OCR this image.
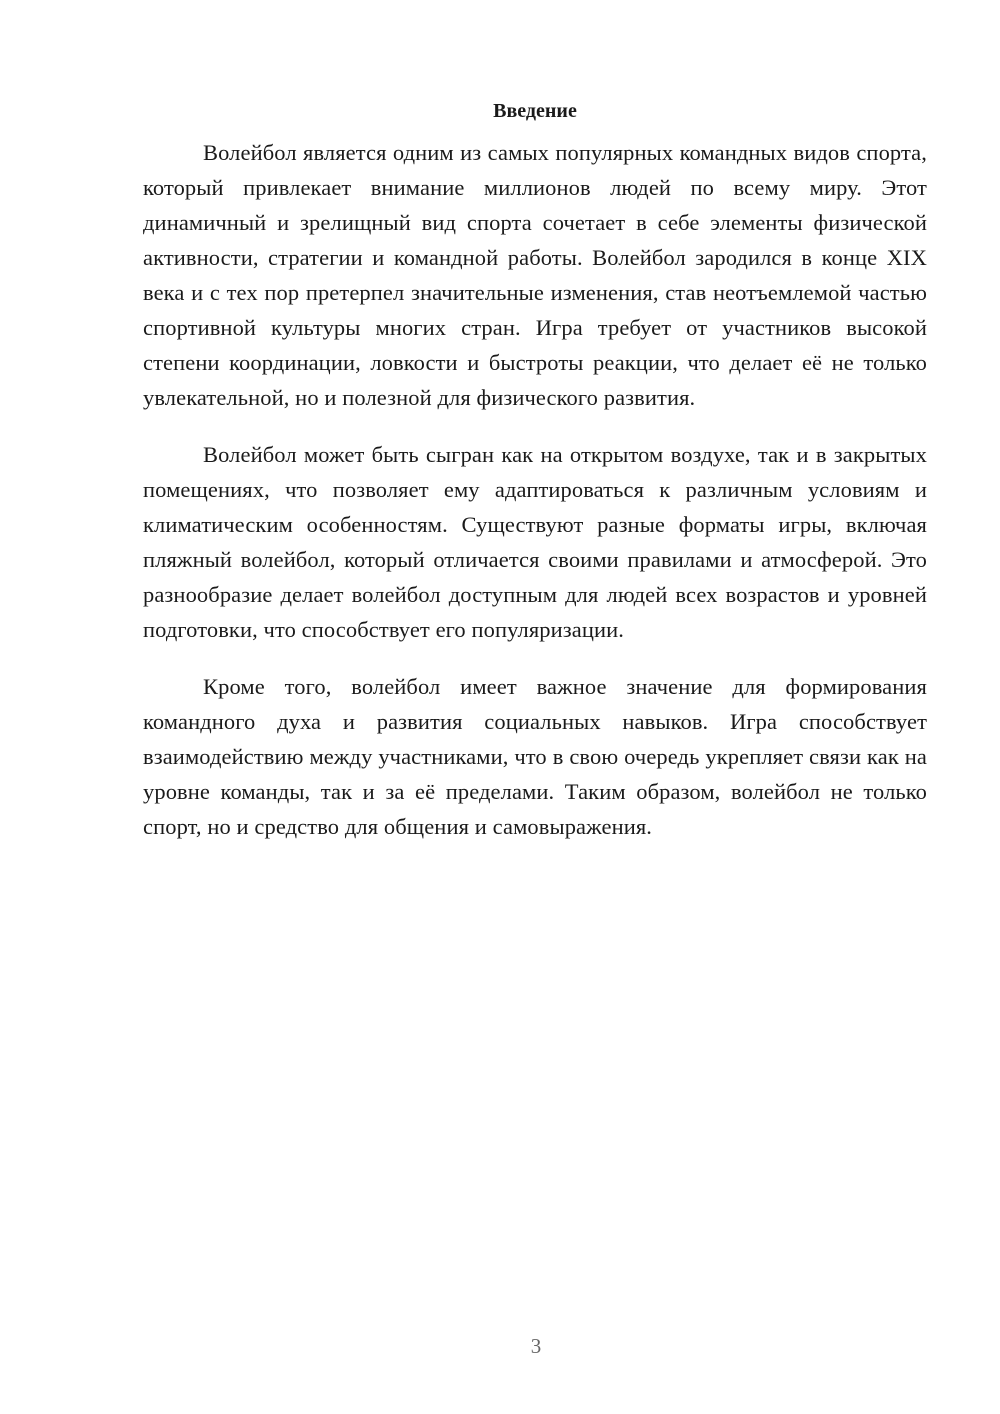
Введение

Волейбол является одним из самых популярных командных видов спорта, который привлекает внимание миллионов людей по всему миру. Этот динамичный и зрелищный вид спорта сочетает в себе элементы физической активности, стратегии и командной работы. Волейбол зародился в конце XIX века и с тех пор претерпел значительные изменения, став неотъемлемой частью спортивной культуры многих стран. Игра требует от участников высокой степени координации, ловкости и быстроты реакции, что делает её не только увлекательной, но и полезной для физического развития.

Волейбол может быть сыгран как на открытом воздухе, так и в закрытых помещениях, что позволяет ему адаптироваться к различным условиям и климатическим особенностям. Существуют разные форматы игры, включая пляжный волейбол, который отличается своими правилами и атмосферой. Это разнообразие делает волейбол доступным для людей всех возрастов и уровней подготовки, что способствует его популяризации.

Кроме того, волейбол имеет важное значение для формирования командного духа и развития социальных навыков. Игра способствует взаимодействию между участниками, что в свою очередь укрепляет связи как на уровне команды, так и за её пределами. Таким образом, волейбол не только спорт, но и средство для общения и самовыражения.

3
